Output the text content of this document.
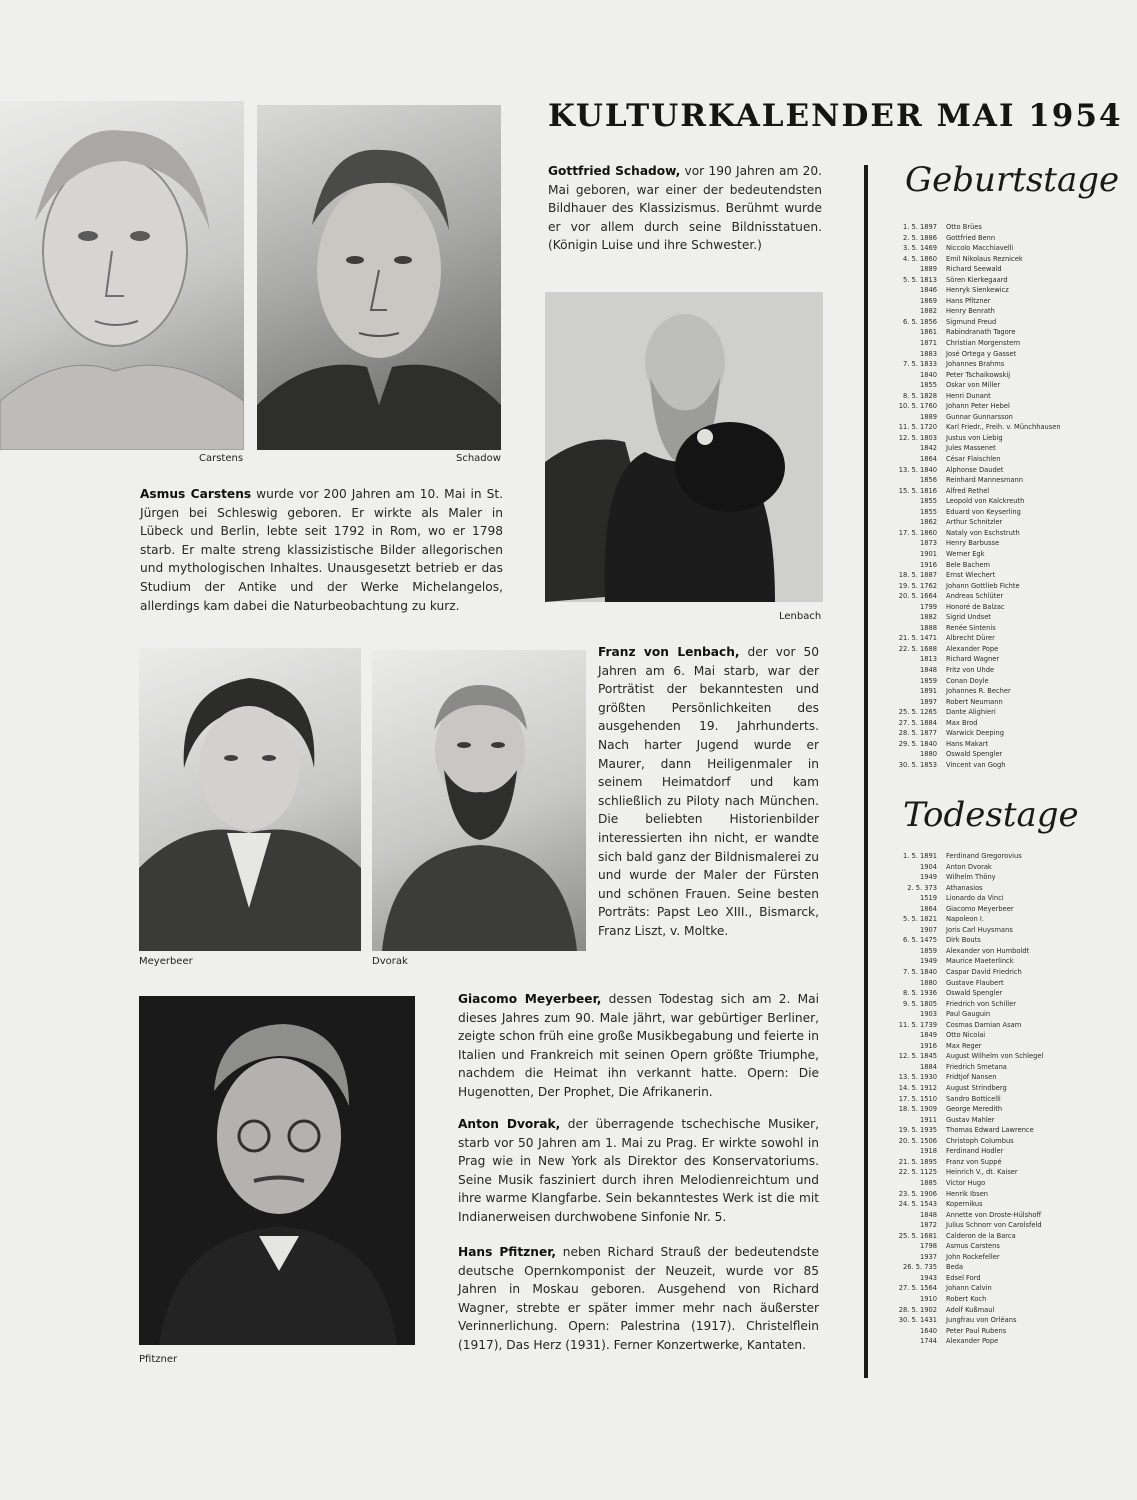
KULTURKALENDER MAI 1954
Carstens	Schadow
Gottfried Schadow, vor 190 Jahren am 20. Mai geboren, war einer der bedeutendsten Bildhauer des Klassizismus. Berühmt wurde er vor allem durch seine Bildnisstatuen. (Königin Luise und ihre Schwester.)
Lenbach
Asmus Carstens wurde vor 200 Jahren am 10. Mai in St. Jürgen bei Schleswig geboren. Er wirkte als Maler in Lübeck und Berlin, lebte seit 1792 in Rom, wo er 1798 starb. Er malte streng klassizistische Bilder allegorischen und mythologischen Inhaltes. Unausgesetzt betrieb er das Studium der Antike und der Werke Michelangelos, allerdings kam dabei die Naturbeobachtung zu kurz.
Meyerbeer	Dvorak
Franz von Lenbach, der vor 50 Jahren am 6. Mai starb, war der Porträtist der bekanntesten und größten Persönlichkeiten des ausgehenden 19. Jahrhunderts. Nach harter Jugend wurde er Maurer, dann Heiligenmaler in seinem Heimatdorf und kam schließlich zu Piloty nach München. Die beliebten Historienbilder interessierten ihn nicht, er wandte sich bald ganz der Bildnismalerei zu und wurde der Maler der Fürsten und schönen Frauen. Seine besten Porträts: Papst Leo XIII., Bismarck, Franz Liszt, v. Moltke.
Pfitzner
Giacomo Meyerbeer, dessen Todestag sich am 2. Mai dieses Jahres zum 90. Male jährt, war gebürtiger Berliner, zeigte schon früh eine große Musikbegabung und feierte in Italien und Frankreich mit seinen Opern größte Triumphe, nachdem die Heimat ihn verkannt hatte. Opern: Die Hugenotten, Der Prophet, Die Afrikanerin.
Anton Dvorak, der überragende tschechische Musiker, starb vor 50 Jahren am 1. Mai zu Prag. Er wirkte sowohl in Prag wie in New York als Direktor des Konservatoriums. Seine Musik fasziniert durch ihren Melodienreichtum und ihre warme Klangfarbe. Sein bekanntestes Werk ist die mit Indianerweisen durchwobene Sinfonie Nr. 5.
Hans Pfitzner, neben Richard Strauß der bedeutendste deutsche Opernkomponist der Neuzeit, wurde vor 85 Jahren in Moskau geboren. Ausgehend von Richard Wagner, strebte er später immer mehr nach äußerster Verinnerlichung. Opern: Palestrina (1917). Christelflein (1917), Das Herz (1931). Ferner Konzertwerke, Kantaten.
Geburtstage
1. 5. 1897	Otto Brües
2. 5. 1886	Gottfried Benn
3. 5. 1469	Niccolo Macchiavelli
4. 5. 1860	Emil Nikolaus Reznicek
1889	Richard Seewald
5. 5. 1813	Sören Kierkegaard
1846	Henryk Sienkewicz
1869	Hans Pfitzner
1882	Henry Benrath
6. 5. 1856	Sigmund Freud
1861	Rabindranath Tagore
1871	Christian Morgenstern
1883	José Ortega y Gasset
7. 5. 1833	Johannes Brahms
1840	Peter Tschaikowskij
1855	Oskar von Miller
8. 5. 1828	Henri Dunant
10. 5. 1760	Johann Peter Hebel
1889	Gunnar Gunnarsson
11. 5. 1720	Karl Friedr., Freih. v. Münchhausen
12. 5. 1803	Justus von Liebig
1842	Jules Massenet
1864	César Flaischlen
13. 5. 1840	Alphonse Daudet
1856	Reinhard Mannesmann
15. 5. 1816	Alfred Rethel
1855	Leopold von Kalckreuth
1855	Eduard von Keyserling
1862	Arthur Schnitzler
17. 5. 1860	Nataly von Eschstruth
1873	Henry Barbusse
1901	Werner Egk
1916	Bele Bachem
18. 5. 1887	Ernst Wiechert
19. 5. 1762	Johann Gottlieb Fichte
20. 5. 1664	Andreas Schlüter
1799	Honoré de Balzac
1882	Sigrid Undset
1888	Renée Sintenis
21. 5. 1471	Albrecht Dürer
22. 5. 1688	Alexander Pope
1813	Richard Wagner
1848	Fritz von Uhde
1859	Conan Doyle
1891	Johannes R. Becher
1897	Robert Neumann
25. 5. 1265	Dante Alighieri
27. 5. 1884	Max Brod
28. 5. 1877	Warwick Deeping
29. 5. 1840	Hans Makart
1880	Oswald Spengler
30. 5. 1853	Vincent van Gogh
Todestage
1. 5. 1891	Ferdinand Gregorovius
1904	Anton Dvorak
1949	Wilhelm Thöny
2. 5. 373	Athanasios
1519	Lionardo da Vinci
1864	Giacomo Meyerbeer
5. 5. 1821	Napoleon I.
1907	Joris Carl Huysmans
6. 5. 1475	Dirk Bouts
1859	Alexander von Humboldt
1949	Maurice Maeterlinck
7. 5. 1840	Caspar David Friedrich
1880	Gustave Flaubert
8. 5. 1936	Oswald Spengler
9. 5. 1805	Friedrich von Schiller
1903	Paul Gauguin
11. 5. 1739	Cosmas Damian Asam
1849	Otto Nicolai
1916	Max Reger
12. 5. 1845	August Wilhelm von Schlegel
1884	Friedrich Smetana
13. 5. 1930	Fridtjof Nansen
14. 5. 1912	August Strindberg
17. 5. 1510	Sandro Botticelli
18. 5. 1909	George Meredith
1911	Gustav Mahler
19. 5. 1935	Thomas Edward Lawrence
20. 5. 1506	Christoph Columbus
1918	Ferdinand Hodler
21. 5. 1895	Franz von Suppé
22. 5. 1125	Heinrich V., dt. Kaiser
1885	Victor Hugo
23. 5. 1906	Henrik Ibsen
24. 5. 1543	Kopernikus
1848	Annette von Droste-Hülshoff
1872	Julius Schnorr von Carolsfeld
25. 5. 1681	Calderon de la Barca
1798	Asmus Carstens
1937	John Rockefeller
26. 5. 735	Beda
1943	Edsel Ford
27. 5. 1564	Johann Calvin
1910	Robert Koch
28. 5. 1902	Adolf Kußmaul
30. 5. 1431	Jungfrau von Orléans
1640	Peter Paul Rubens
1744	Alexander Pope
